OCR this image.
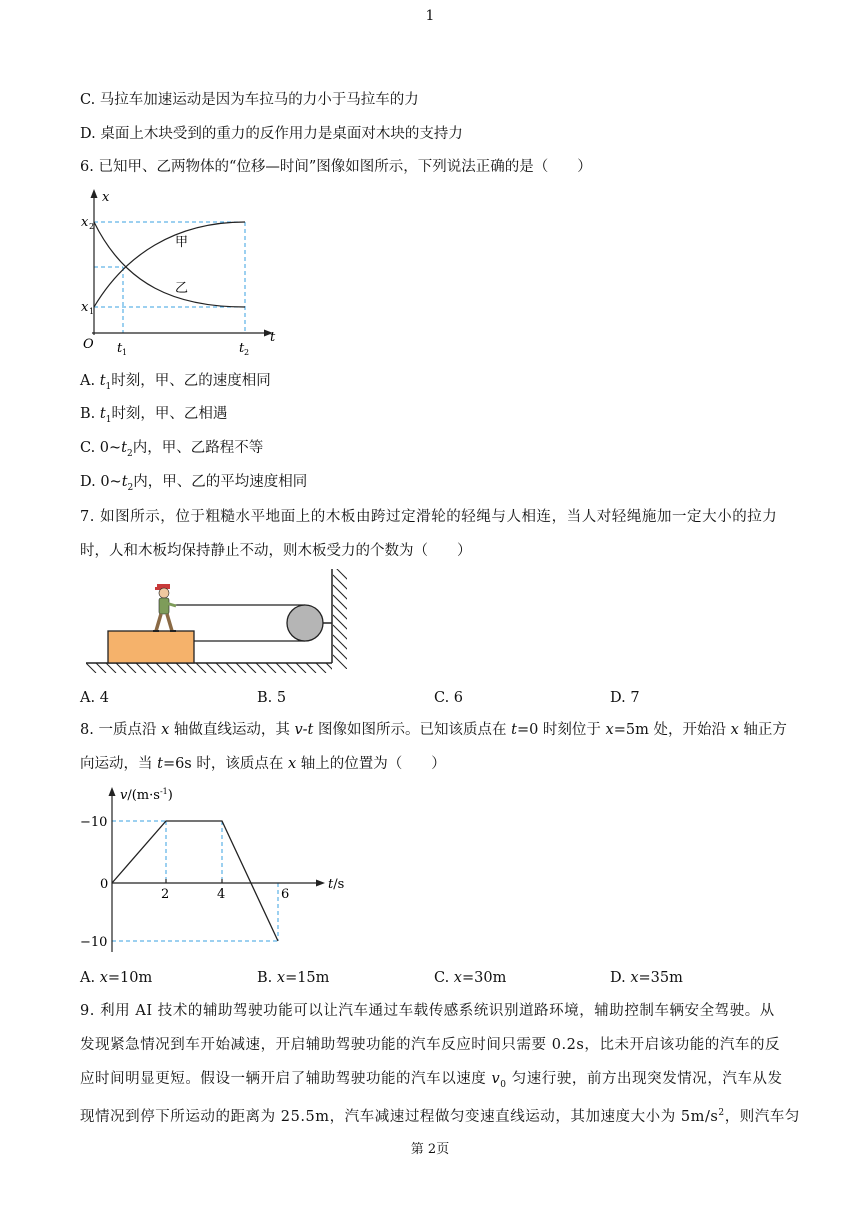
1
C. 马拉车加速运动是因为车拉马的力小于马拉车的力
D. 桌面上木块受到的重力的反作用力是桌面对木块的支持力
6. 已知甲、乙两物体的“位移—时间”图像如图所示，下列说法正确的是（　　）
x
t
O
x 2
x 1
t 1	t 2
甲
乙
A. $t_1$时刻，甲、乙的速度相同
B. $t_1$时刻，甲、乙相遇
C. $0\sim t_2$内，甲、乙路程不等
D. $0\sim t_2$内，甲、乙的平均速度相同
7. 如图所示，位于粗糙水平地面上的木板由跨过定滑轮的轻绳与人相连，当人对轻绳施加一定大小的拉力
时，人和木板均保持静止不动，则木板受力的个数为（　　）
A. 4	B. 5	C. 6	D. 7
8. 一质点沿 x 轴做直线运动，其 v-t 图像如图所示。已知该质点在 t=0 时刻位于 x=5m 处，开始沿 x 轴正方
向运动，当 t=6s 时，该质点在 x 轴上的位置为（　　）
$v/(m\cdot s^{-1})$
t/s
−10
0
−10
2	4	6
A. x=10m	B. x=15m	C. x=30m	D. x=35m
9. 利用 AI 技术的辅助驾驶功能可以让汽车通过车载传感系统识别道路环境，辅助控制车辆安全驾驶。从
发现紧急情况到车开始减速，开启辅助驾驶功能的汽车反应时间只需要 0.2s，比未开启该功能的汽车的反
应时间明显更短。假设一辆开启了辅助驾驶功能的汽车以速度 $v_0$ 匀速行驶，前方出现突发情况，汽车从发
现情况到停下所运动的距离为 25.5m，汽车减速过程做匀变速直线运动，其加速度大小为 $5m/s^2$，则汽车匀
第 2页
